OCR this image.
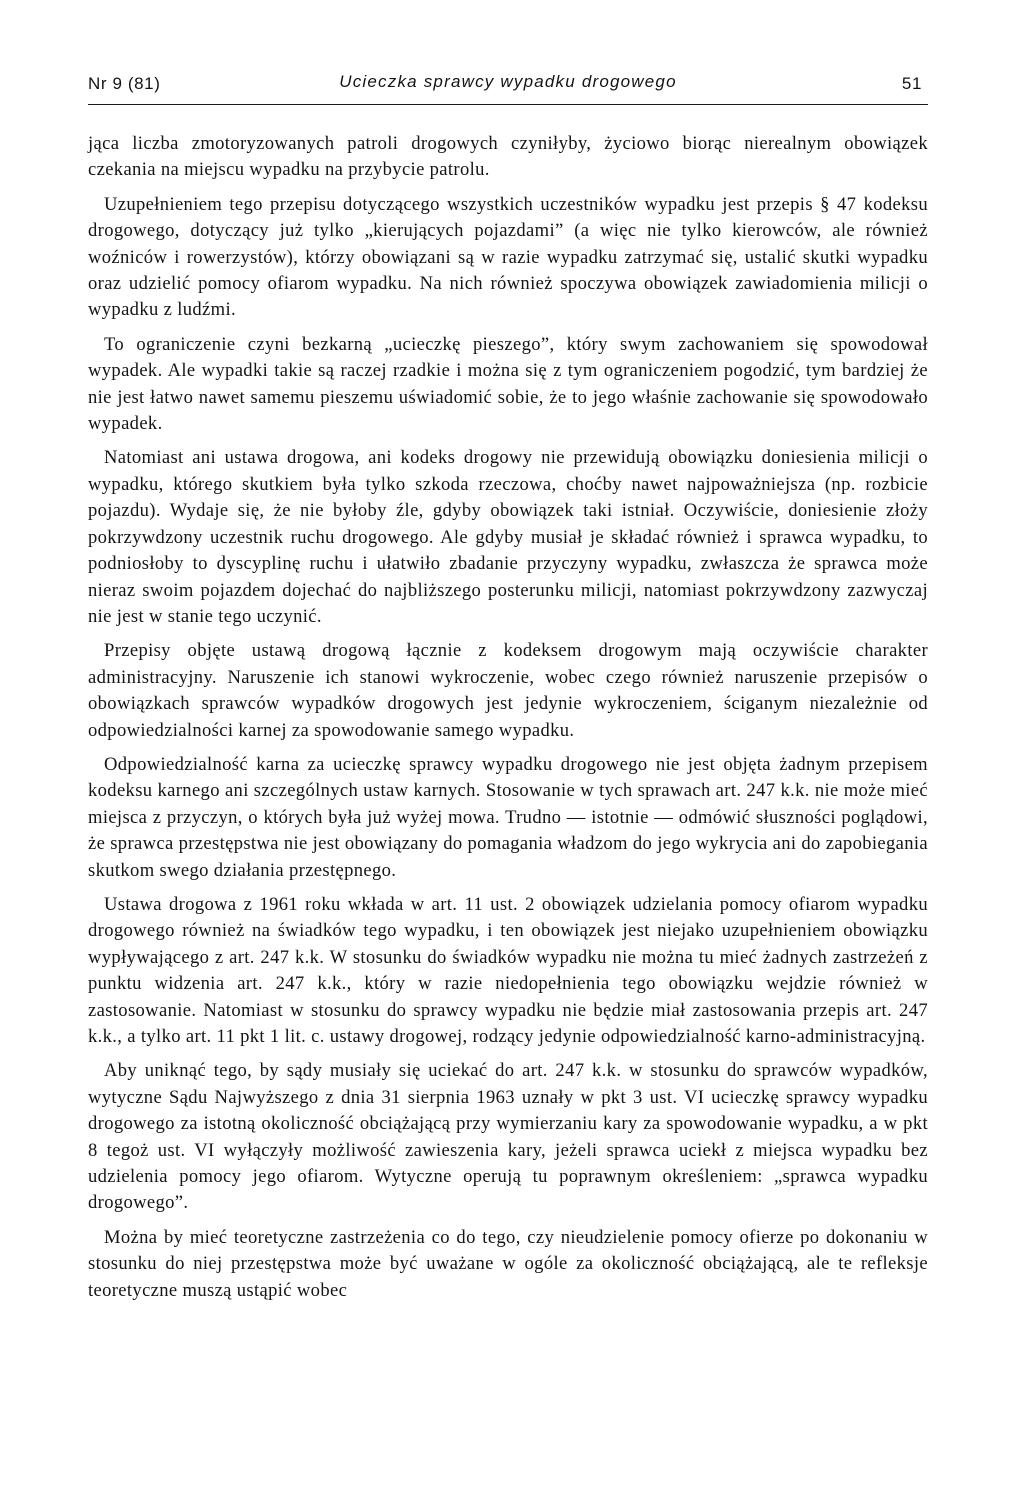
Nr 9 (81)	Ucieczka sprawcy wypadku drogowego	51

jąca liczba zmotoryzowanych patroli drogowych czyniłyby, życiowo biorąc nierealnym obowiązek czekania na miejscu wypadku na przybycie patrolu.

Uzupełnieniem tego przepisu dotyczącego wszystkich uczestników wypadku jest przepis § 47 kodeksu drogowego, dotyczący już tylko „kierujących pojazdami” (a więc nie tylko kierowców, ale również woźniców i rowerzystów), którzy obowiązani są w razie wypadku zatrzymać się, ustalić skutki wypadku oraz udzielić pomocy ofiarom wypadku. Na nich również spoczywa obowiązek zawiadomienia milicji o wypadku z ludźmi.

To ograniczenie czyni bezkarną „ucieczkę pieszego”, który swym zachowaniem się spowodował wypadek. Ale wypadki takie są raczej rzadkie i można się z tym ograniczeniem pogodzić, tym bardziej że nie jest łatwo nawet samemu pieszemu uświadomić sobie, że to jego właśnie zachowanie się spowodowało wypadek.

Natomiast ani ustawa drogowa, ani kodeks drogowy nie przewidują obowiązku doniesienia milicji o wypadku, którego skutkiem była tylko szkoda rzeczowa, choćby nawet najpoważniejsza (np. rozbicie pojazdu). Wydaje się, że nie byłoby źle, gdyby obowiązek taki istniał. Oczywiście, doniesienie złoży pokrzywdzony uczestnik ruchu drogowego. Ale gdyby musiał je składać również i sprawca wypadku, to podniosłoby to dyscyplinę ruchu i ułatwiło zbadanie przyczyny wypadku, zwłaszcza że sprawca może nieraz swoim pojazdem dojechać do najbliższego posterunku milicji, natomiast pokrzywdzony zazwyczaj nie jest w stanie tego uczynić.

Przepisy objęte ustawą drogową łącznie z kodeksem drogowym mają oczywiście charakter administracyjny. Naruszenie ich stanowi wykroczenie, wobec czego również naruszenie przepisów o obowiązkach sprawców wypadków drogowych jest jedynie wykroczeniem, ściganym niezależnie od odpowiedzialności karnej za spowodowanie samego wypadku.

Odpowiedzialność karna za ucieczkę sprawcy wypadku drogowego nie jest objęta żadnym przepisem kodeksu karnego ani szczególnych ustaw karnych. Stosowanie w tych sprawach art. 247 k.k. nie może mieć miejsca z przyczyn, o których była już wyżej mowa. Trudno — istotnie — odmówić słuszności poglądowi, że sprawca przestępstwa nie jest obowiązany do pomagania władzom do jego wykrycia ani do zapobiegania skutkom swego działania przestępnego.

Ustawa drogowa z 1961 roku wkłada w art. 11 ust. 2 obowiązek udzielania pomocy ofiarom wypadku drogowego również na świadków tego wypadku, i ten obowiązek jest niejako uzupełnieniem obowiązku wypływającego z art. 247 k.k. W stosunku do świadków wypadku nie można tu mieć żadnych zastrzeżeń z punktu widzenia art. 247 k.k., który w razie niedopełnienia tego obowiązku wejdzie również w zastosowanie. Natomiast w stosunku do sprawcy wypadku nie będzie miał zastosowania przepis art. 247 k.k., a tylko art. 11 pkt 1 lit. c. ustawy drogowej, rodzący jedynie odpowiedzialność karno-administracyjną.

Aby uniknąć tego, by sądy musiały się uciekać do art. 247 k.k. w stosunku do sprawców wypadków, wytyczne Sądu Najwyższego z dnia 31 sierpnia 1963 uznały w pkt 3 ust. VI ucieczkę sprawcy wypadku drogowego za istotną okoliczność obciążającą przy wymierzaniu kary za spowodowanie wypadku, a w pkt 8 tegoż ust. VI wyłączyły możliwość zawieszenia kary, jeżeli sprawca uciekł z miejsca wypadku bez udzielenia pomocy jego ofiarom. Wytyczne operują tu poprawnym określeniem: „sprawca wypadku drogowego”.

Można by mieć teoretyczne zastrzeżenia co do tego, czy nieudzielenie pomocy ofierze po dokonaniu w stosunku do niej przestępstwa może być uważane w ogóle za okoliczność obciążającą, ale te refleksje teoretyczne muszą ustąpić wobec
